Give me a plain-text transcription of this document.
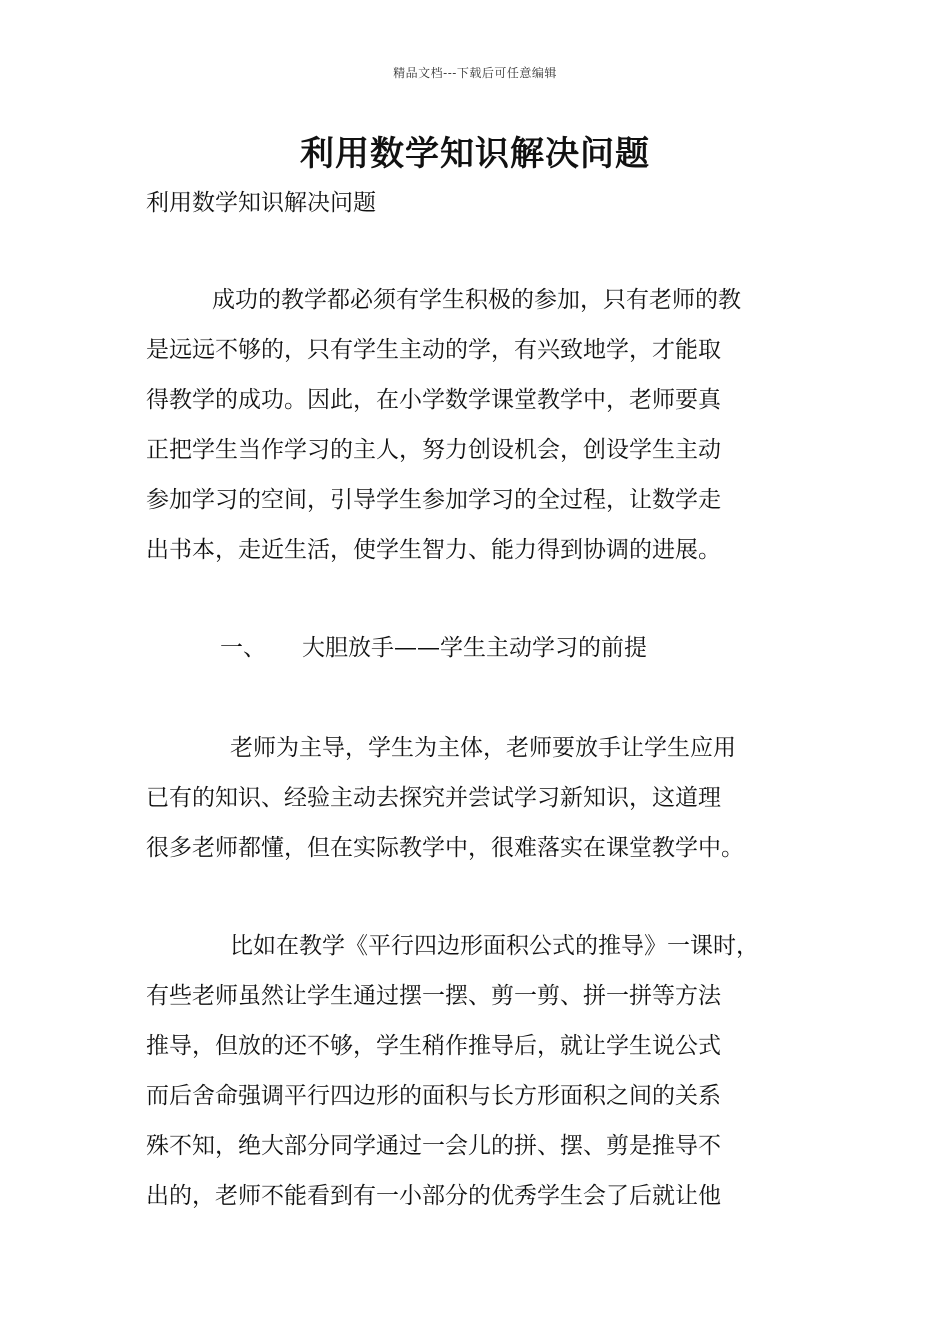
精品文档---下载后可任意编辑
利用数学知识解决问题
利用数学知识解决问题

成功的教学都必须有学生积极的参加，只有老师的教
是远远不够的，只有学生主动的学，有兴致地学，才能取
得教学的成功。因此，在小学数学课堂教学中，老师要真
正把学生当作学习的主人，努力创设机会，创设学生主动
参加学习的空间，引导学生参加学习的全过程，让数学走
出书本，走近生活，使学生智力、能力得到协调的进展。

一、 大胆放手——学生主动学习的前提

老师为主导，学生为主体，老师要放手让学生应用
已有的知识、经验主动去探究并尝试学习新知识，这道理
很多老师都懂，但在实际教学中，很难落实在课堂教学中。

比如在教学《平行四边形面积公式的推导》一课时，
有些老师虽然让学生通过摆一摆、剪一剪、拼一拼等方法
推导，但放的还不够，学生稍作推导后，就让学生说公式
而后舍命强调平行四边形的面积与长方形面积之间的关系
殊不知，绝大部分同学通过一会儿的拼、摆、剪是推导不
出的，老师不能看到有一小部分的优秀学生会了后就让他
